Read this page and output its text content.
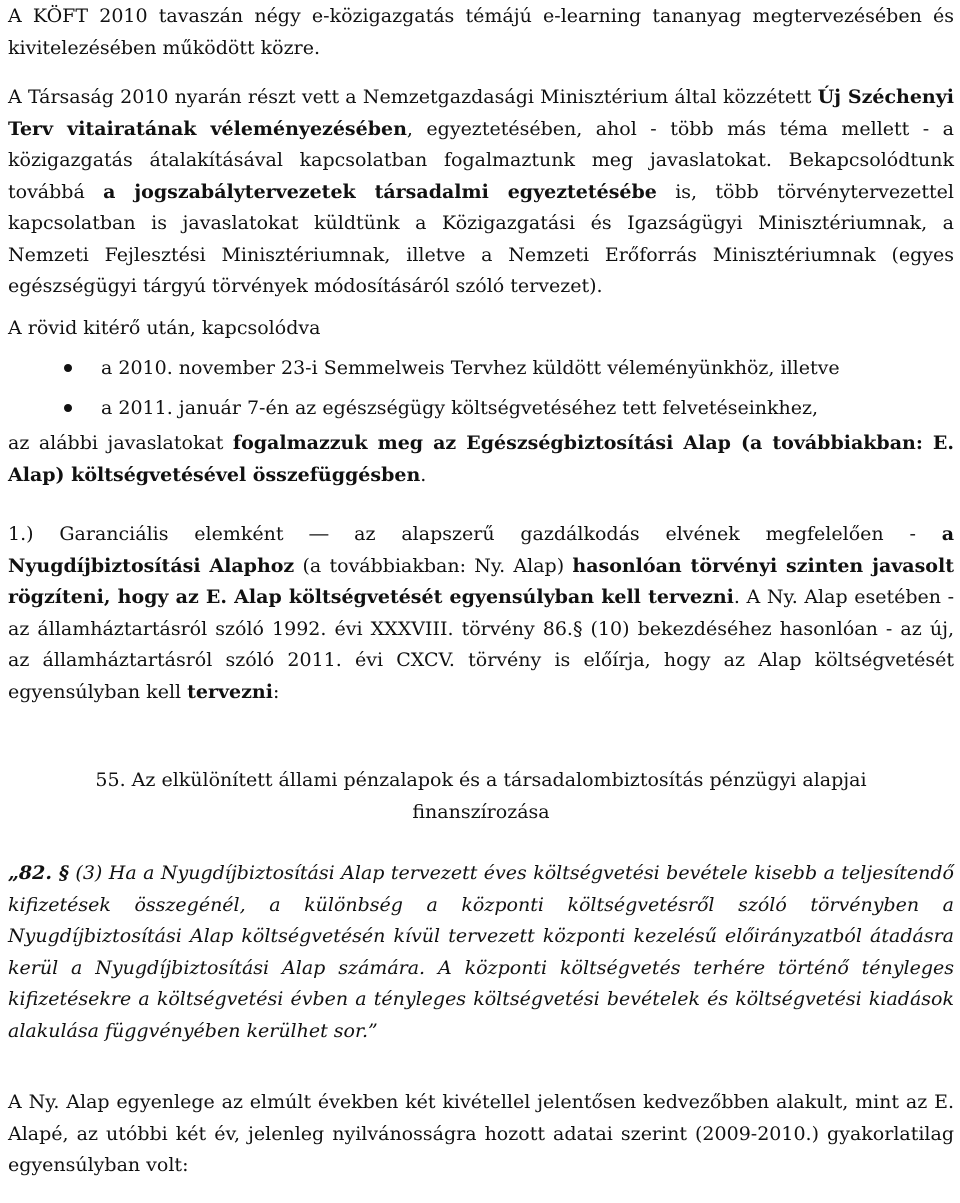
A KÖFT 2010 tavaszán négy e-közigazgatás témájú e-learning tananyag megtervezésében és kivitelezésében működött közre.

A Társaság 2010 nyarán részt vett a Nemzetgazdasági Minisztérium által közzétett Új Széchenyi Terv vitairatának véleményezésében, egyeztetésében, ahol - több más téma mellett - a közigazgatás átalakításával kapcsolatban fogalmaztunk meg javaslatokat. Bekapcsolódtunk továbbá a jogszabálytervezetek társadalmi egyeztetésébe is, több törvénytervezettel kapcsolatban is javaslatokat küldtünk a Közigazgatási és Igazságügyi Minisztériumnak, a Nemzeti Fejlesztési Minisztériumnak, illetve a Nemzeti Erőforrás Minisztériumnak (egyes egészségügyi tárgyú törvények módosításáról szóló tervezet).

A rövid kitérő után, kapcsolódva

a 2010. november 23-i Semmelweis Tervhez küldött véleményünkhöz, illetve
a 2011. január 7-én az egészségügy költségvetéséhez tett felvetéseinkhez,

az alábbi javaslatokat fogalmazzuk meg az Egészségbiztosítási Alap (a továbbiakban: E. Alap) költségvetésével összefüggésben.

1.) Garanciális elemként ― az alapszerű gazdálkodás elvének megfelelően - a Nyugdíjbiztosítási Alaphoz (a továbbiakban: Ny. Alap) hasonlóan törvényi szinten javasolt rögzíteni, hogy az E. Alap költségvetését egyensúlyban kell tervezni. A Ny. Alap esetében - az államháztartásról szóló 1992. évi XXXVIII. törvény 86.§ (10) bekezdéséhez hasonlóan - az új, az államháztartásról szóló 2011. évi CXCV. törvény is előírja, hogy az Alap költségvetését egyensúlyban kell tervezni:

55. Az elkülönített állami pénzalapok és a társadalombiztosítás pénzügyi alapjai finanszírozása

„82. § (3) Ha a Nyugdíjbiztosítási Alap tervezett éves költségvetési bevétele kisebb a teljesítendő kifizetések összegénél, a különbség a központi költségvetésről szóló törvényben a Nyugdíjbiztosítási Alap költségvetésén kívül tervezett központi kezelésű előirányzatból átadásra kerül a Nyugdíjbiztosítási Alap számára. A központi költségvetés terhére történő tényleges kifizetésekre a költségvetési évben a tényleges költségvetési bevételek és költségvetési kiadások alakulása függvényében kerülhet sor.”

A Ny. Alap egyenlege az elmúlt években két kivétellel jelentősen kedvezőbben alakult, mint az E. Alapé, az utóbbi két év, jelenleg nyilvánosságra hozott adatai szerint (2009-2010.) gyakorlatilag egyensúlyban volt:
